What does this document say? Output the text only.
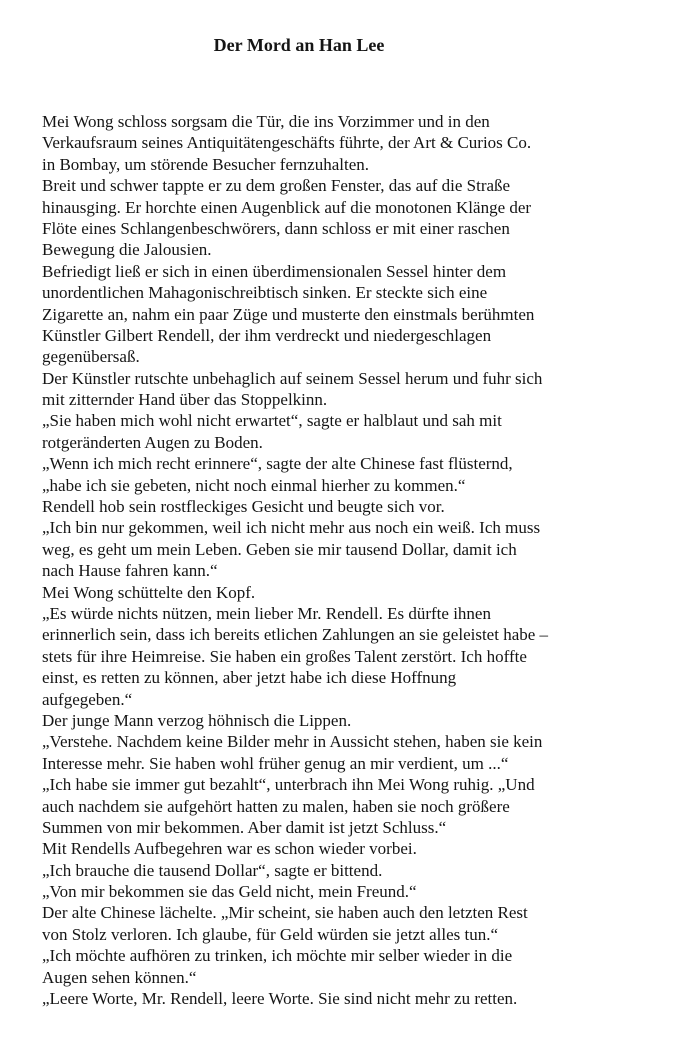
Der Mord an Han Lee
Mei Wong schloss sorgsam die Tür, die ins Vorzimmer und in den
Verkaufsraum seines Antiquitätengeschäfts führte, der Art & Curios Co.
in Bombay, um störende Besucher fernzuhalten.
Breit und schwer tappte er zu dem großen Fenster, das auf die Straße
hinausging. Er horchte einen Augenblick auf die monotonen Klänge der
Flöte eines Schlangenbeschwörers, dann schloss er mit einer raschen
Bewegung die Jalousien.
Befriedigt ließ er sich in einen überdimensionalen Sessel hinter dem
unordentlichen Mahagonischreibtisch sinken. Er steckte sich eine
Zigarette an, nahm ein paar Züge und musterte den einstmals berühmten
Künstler Gilbert Rendell, der ihm verdreckt und niedergeschlagen
gegenübersaß.
Der Künstler rutschte unbehaglich auf seinem Sessel herum und fuhr sich
mit zitternder Hand über das Stoppelkinn.
„Sie haben mich wohl nicht erwartet“, sagte er halblaut und sah mit
rotgeränderten Augen zu Boden.
„Wenn ich mich recht erinnere“, sagte der alte Chinese fast flüsternd,
„habe ich sie gebeten, nicht noch einmal hierher zu kommen.“
Rendell hob sein rostfleckiges Gesicht und beugte sich vor.
„Ich bin nur gekommen, weil ich nicht mehr aus noch ein weiß. Ich muss
weg, es geht um mein Leben. Geben sie mir tausend Dollar, damit ich
nach Hause fahren kann.“
Mei Wong schüttelte den Kopf.
„Es würde nichts nützen, mein lieber Mr. Rendell. Es dürfte ihnen
erinnerlich sein, dass ich bereits etlichen Zahlungen an sie geleistet habe –
stets für ihre Heimreise. Sie haben ein großes Talent zerstört. Ich hoffte
einst, es retten zu können, aber jetzt habe ich diese Hoffnung
aufgegeben.“
Der junge Mann verzog höhnisch die Lippen.
„Verstehe. Nachdem keine Bilder mehr in Aussicht stehen, haben sie kein
Interesse mehr. Sie haben wohl früher genug an mir verdient, um ...“
„Ich habe sie immer gut bezahlt“, unterbrach ihn Mei Wong ruhig. „Und
auch nachdem sie aufgehört hatten zu malen, haben sie noch größere
Summen von mir bekommen. Aber damit ist jetzt Schluss.“
Mit Rendells Aufbegehren war es schon wieder vorbei.
„Ich brauche die tausend Dollar“, sagte er bittend.
„Von mir bekommen sie das Geld nicht, mein Freund.“
Der alte Chinese lächelte. „Mir scheint, sie haben auch den letzten Rest
von Stolz verloren. Ich glaube, für Geld würden sie jetzt alles tun.“
„Ich möchte aufhören zu trinken, ich möchte mir selber wieder in die
Augen sehen können.“
„Leere Worte, Mr. Rendell, leere Worte. Sie sind nicht mehr zu retten.
